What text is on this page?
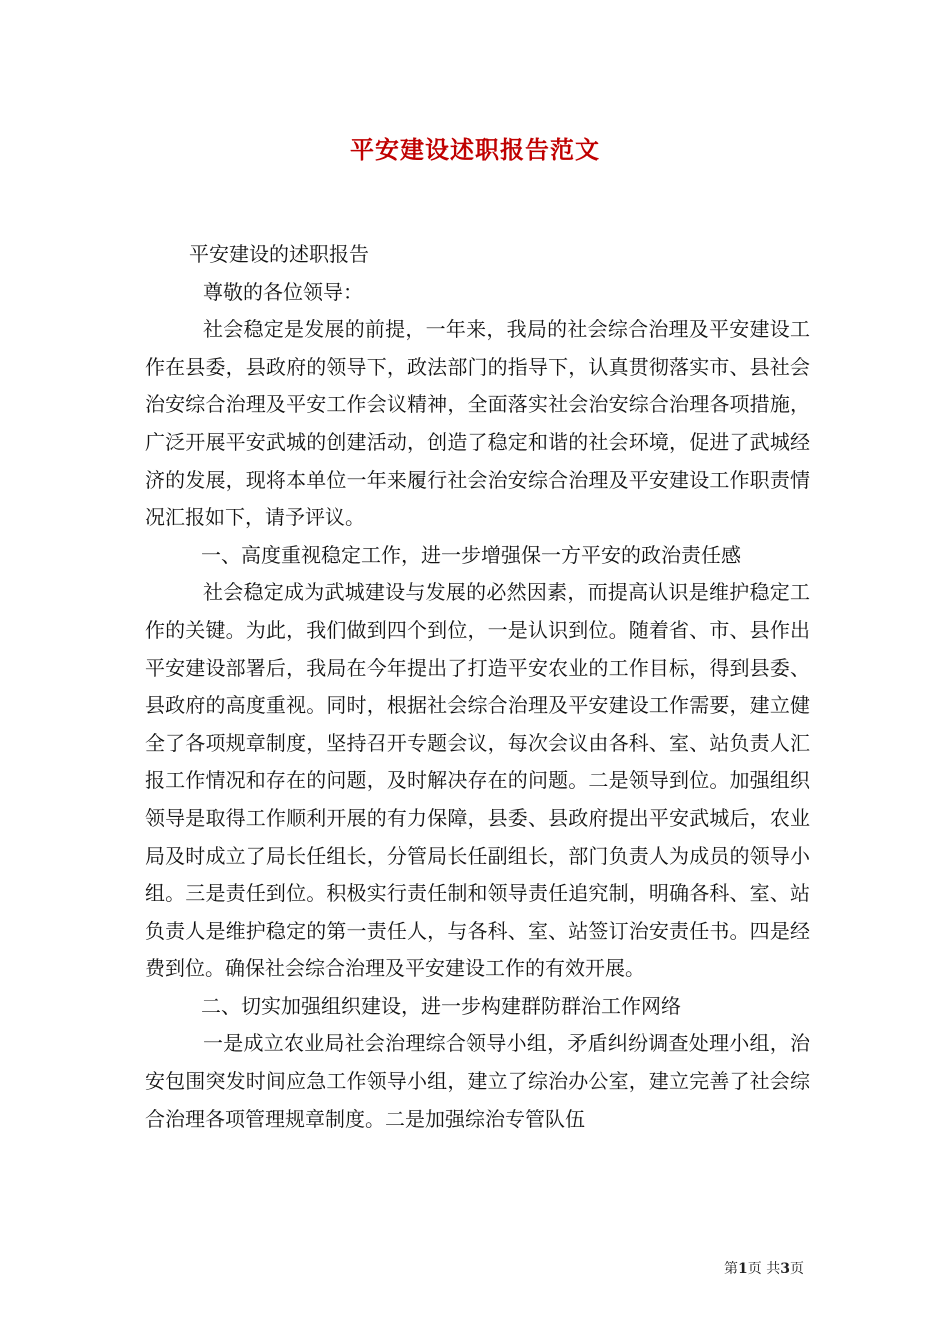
平安建设述职报告范文

平安建设的述职报告

尊敬的各位领导：

社会稳定是发展的前提，一年来，我局的社会综合治理及平安建设工作在县委，县政府的领导下，政法部门的指导下，认真贯彻落实市、县社会治安综合治理及平安工作会议精神，全面落实社会治安综合治理各项措施，广泛开展平安武城的创建活动，创造了稳定和谐的社会环境，促进了武城经济的发展，现将本单位一年来履行社会治安综合治理及平安建设工作职责情况汇报如下，请予评议。

一、高度重视稳定工作，进一步增强保一方平安的政治责任感

社会稳定成为武城建设与发展的必然因素，而提高认识是维护稳定工作的关键。为此，我们做到四个到位，一是认识到位。随着省、市、县作出平安建设部署后，我局在今年提出了打造平安农业的工作目标，得到县委、县政府的高度重视。同时，根据社会综合治理及平安建设工作需要，建立健全了各项规章制度，坚持召开专题会议，每次会议由各科、室、站负责人汇报工作情况和存在的问题，及时解决存在的问题。二是领导到位。加强组织领导是取得工作顺利开展的有力保障，县委、县政府提出平安武城后，农业局及时成立了局长任组长，分管局长任副组长，部门负责人为成员的领导小组。三是责任到位。积极实行责任制和领导责任追究制，明确各科、室、站负责人是维护稳定的第一责任人，与各科、室、站签订治安责任书。四是经费到位。确保社会综合治理及平安建设工作的有效开展。

二、切实加强组织建设，进一步构建群防群治工作网络

一是成立农业局社会治理综合领导小组，矛盾纠纷调查处理小组，治安包围突发时间应急工作领导小组，建立了综治办公室，建立完善了社会综合治理各项管理规章制度。二是加强综治专管队伍

第1页 共3页
